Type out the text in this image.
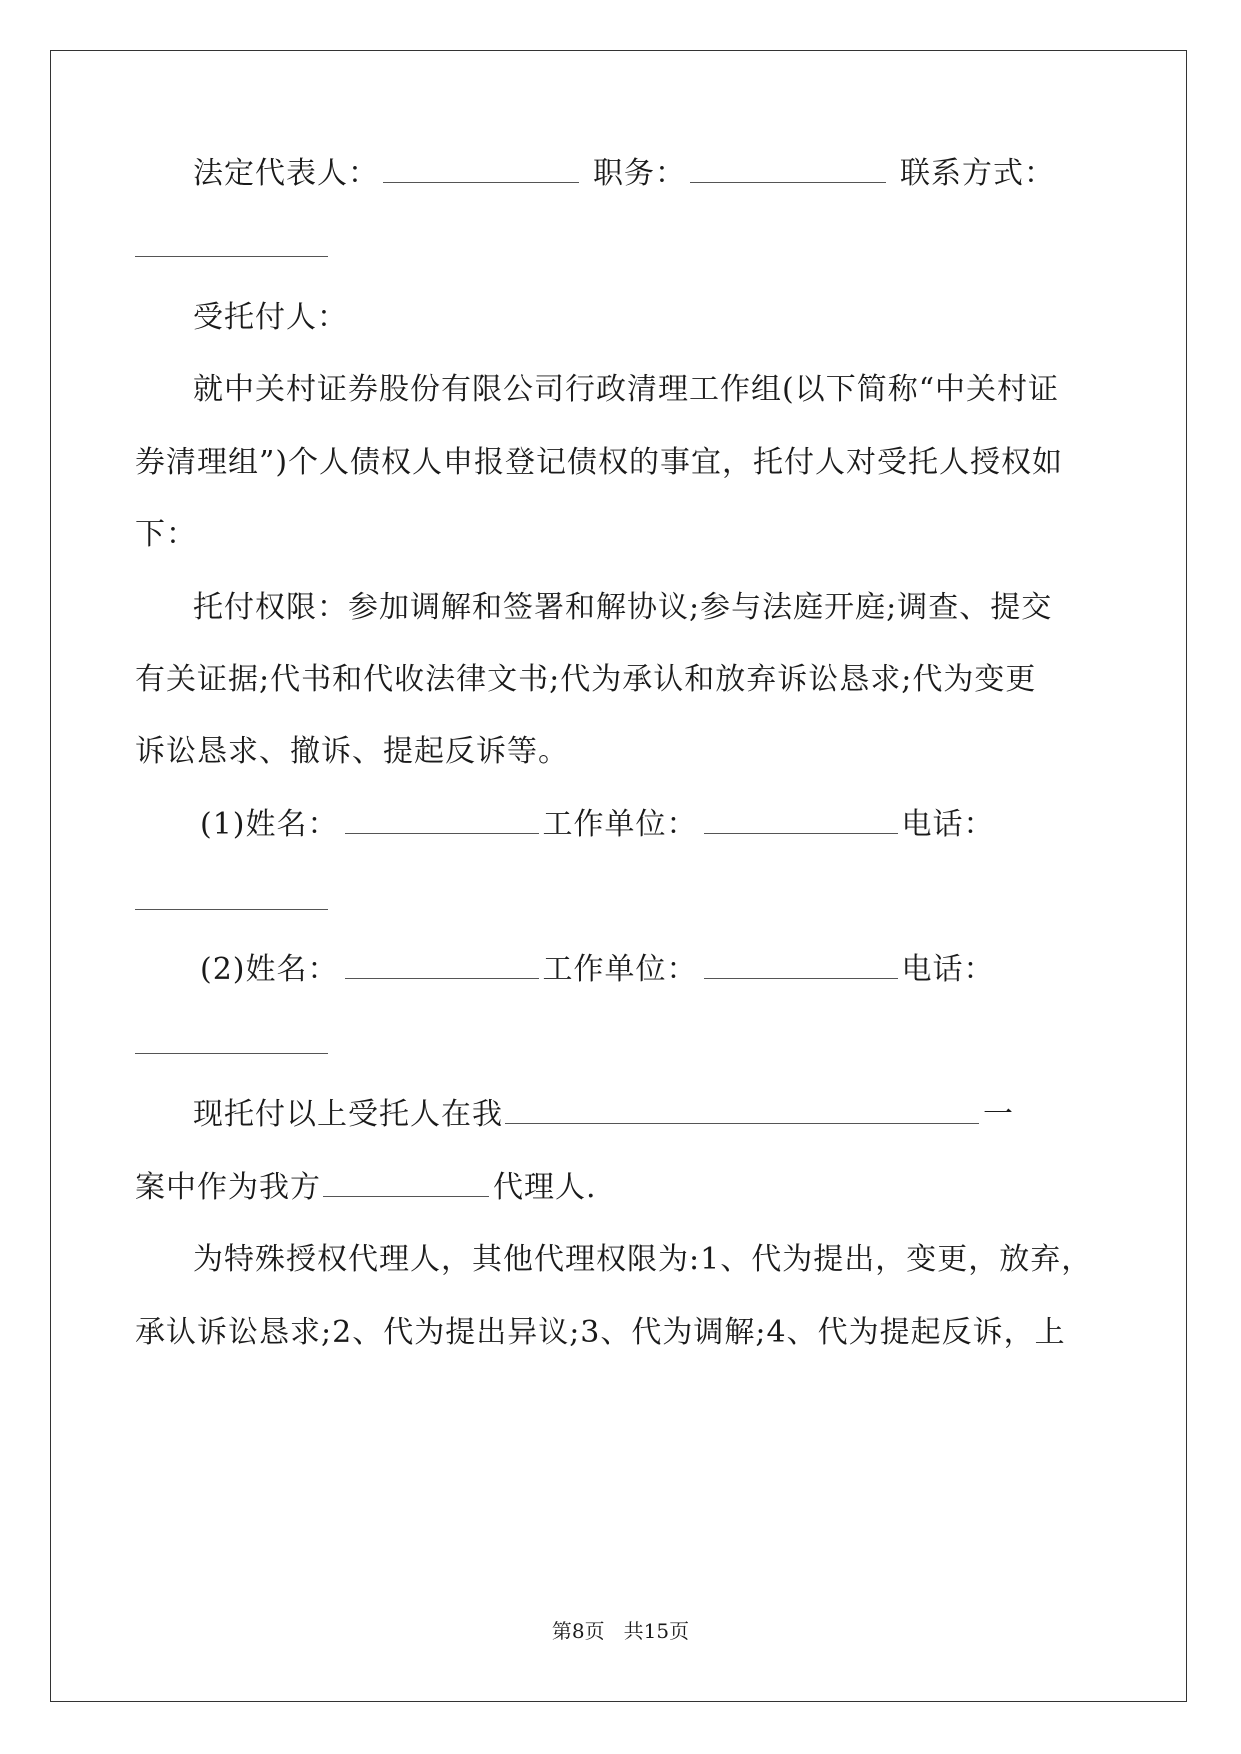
法定代表人：	职务：	联系方式：
受托付人：
就中关村证券股份有限公司行政清理工作组(以下简称“中关村证
券清理组”)个人债权人申报登记债权的事宜，托付人对受托人授权如
下：
托付权限：参加调解和签署和解协议;参与法庭开庭;调查、提交
有关证据;代书和代收法律文书;代为承认和放弃诉讼恳求;代为变更
诉讼恳求、撤诉、提起反诉等。
(1)姓名：	工作单位：	电话：
(2)姓名：	工作单位：	电话：
现托付以上受托人在我	一
案中作为我方	代理人.
为特殊授权代理人，其他代理权限为:1、代为提出，变更，放弃，
承认诉讼恳求;2、代为提出异议;3、代为调解;4、代为提起反诉，上
第8页 共15页
